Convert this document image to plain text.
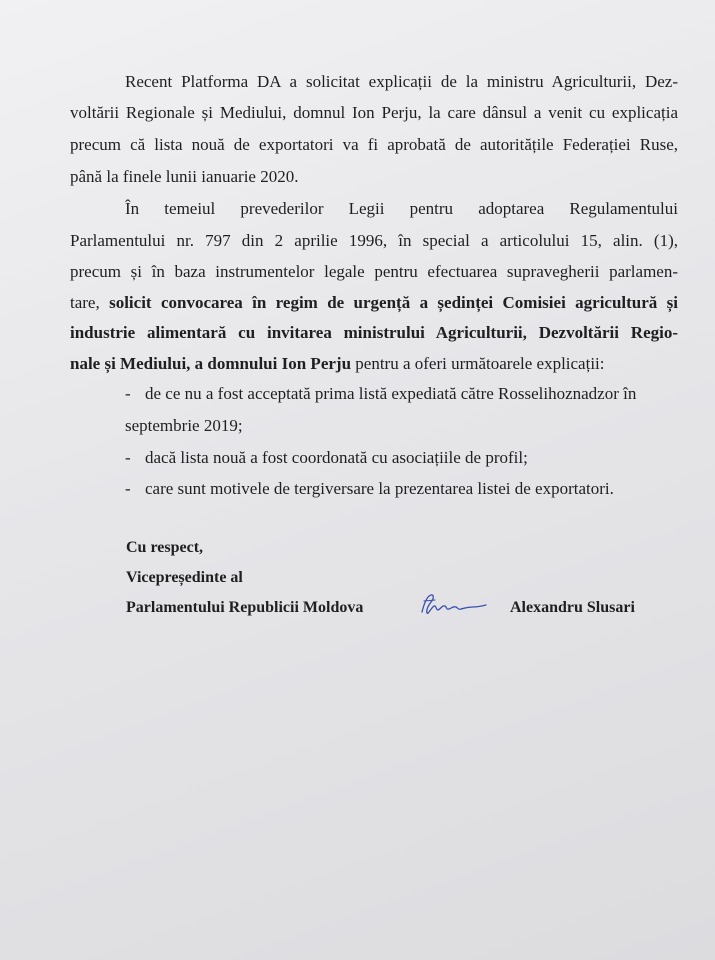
Recent Platforma DA a solicitat explicații de la ministru Agriculturii, Dez-
voltării Regionale și Mediului, domnul Ion Perju, la care dânsul a venit cu explicația
precum că lista nouă de exportatori va fi aprobată de autoritățile Federației Ruse,
până la finele lunii ianuarie 2020.
În temeiul prevederilor Legii pentru adoptarea Regulamentului
Parlamentului nr. 797 din 2 aprilie 1996, în special a articolului 15, alin. (1),
precum și în baza instrumentelor legale pentru efectuarea supravegherii parlamen-
tare, solicit convocarea în regim de urgență a ședinței Comisiei agricultură și
industrie alimentară cu invitarea ministrului Agriculturii, Dezvoltării Regio-
nale și Mediului, a domnului Ion Perju pentru a oferi următoarele explicații:
- de ce nu a fost acceptată prima listă expediată către Rosselihoznadzor în
septembrie 2019;
- dacă lista nouă a fost coordonată cu asociațiile de profil;
- care sunt motivele de tergiversare la prezentarea listei de exportatori.
Cu respect,
Vicepreședinte al
Parlamentului Republicii Moldova	Alexandru Slusari
